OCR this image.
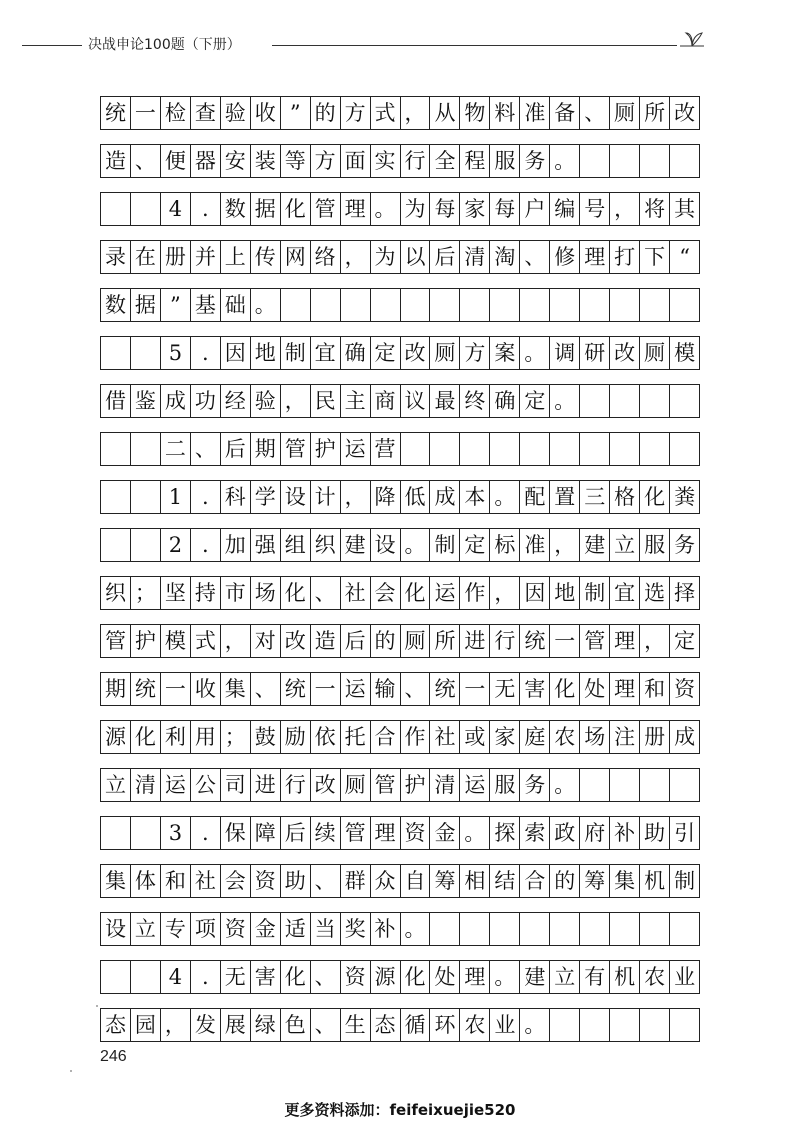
决战申论100题（下册）
统 一 检 查 验 收 ” 的 方 式 ， 从 物 料 准 备 、 厕 所 改
造 、 便 器 安 装 等 方 面 实 行 全 程 服 务 。
4 . 数 据 化 管 理 。 为 每 家 每 户 编 号 ， 将 其
录 在 册 并 上 传 网 络 ， 为 以 后 清 淘 、 修 理 打 下 “
数 据 ” 基 础 。
5 . 因 地 制 宜 确 定 改 厕 方 案 。 调 研 改 厕 模
借 鉴 成 功 经 验 ， 民 主 商 议 最 终 确 定 。
二 、 后 期 管 护 运 营
1 . 科 学 设 计 ， 降 低 成 本 。 配 置 三 格 化 粪
2 . 加 强 组 织 建 设 。 制 定 标 准 ， 建 立 服 务
织 ； 坚 持 市 场 化 、 社 会 化 运 作 ， 因 地 制 宜 选 择
管 护 模 式 ， 对 改 造 后 的 厕 所 进 行 统 一 管 理 ， 定
期 统 一 收 集 、 统 一 运 输 、 统 一 无 害 化 处 理 和 资
源 化 利 用 ； 鼓 励 依 托 合 作 社 或 家 庭 农 场 注 册 成
立 清 运 公 司 进 行 改 厕 管 护 清 运 服 务 。
3 . 保 障 后 续 管 理 资 金 。 探 索 政 府 补 助 引
集 体 和 社 会 资 助 、 群 众 自 筹 相 结 合 的 筹 集 机 制
设 立 专 项 资 金 适 当 奖 补 。
4 . 无 害 化 、 资 源 化 处 理 。 建 立 有 机 农 业
态 园 ， 发 展 绿 色 、 生 态 循 环 农 业 。
246
更多资料添加：feifeixuejie520
